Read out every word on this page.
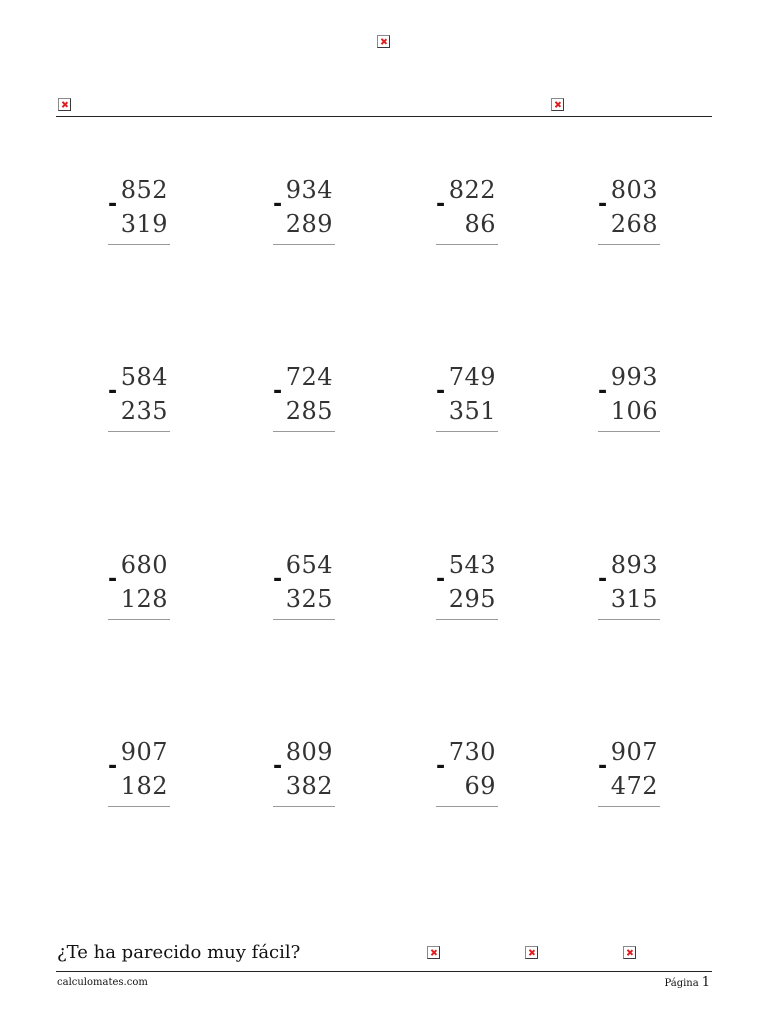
852
-
319
934
-
289
822
-
86
803
-
268
584
-
235
724
-
285
749
-
351
993
-
106
680
-
128
654
-
325
543
-
295
893
-
315
907
-
182
809
-
382
730
-
69
907
-
472
¿Te ha parecido muy fácil?
calculomates.com	Página 1
